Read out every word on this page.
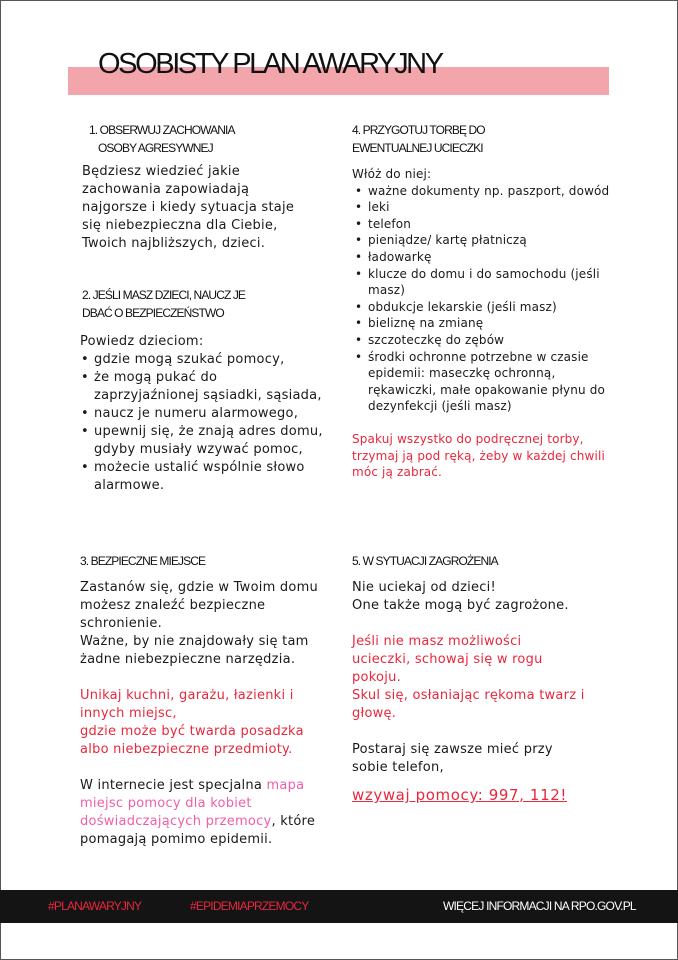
OSOBISTY PLAN AWARYJNY
1. OBSERWUJ ZACHOWANIA
OSOBY AGRESYWNEJ

Będziesz wiedzieć jakie zachowania zapowiadają najgorsze i kiedy sytuacja staje się niebezpieczna dla Ciebie, Twoich najbliższych, dzieci.

2. JEŚLI MASZ DZIECI, NAUCZ JE
DBAĆ O BEZPIECZEŃSTWO

Powiedz dzieciom:

• gdzie mogą szukać pomocy,
• że mogą pukać do zaprzyjaźnionej sąsiadki, sąsiada,
• naucz je numeru alarmowego,
• upewnij się, że znają adres domu, gdyby musiały wzywać pomoc,
• możecie ustalić wspólnie słowo alarmowe.
3. BEZPIECZNE MIEJSCE

Zastanów się, gdzie w Twoim domu możesz znaleźć bezpieczne schronienie.

Ważne, by nie znajdowały się tam żadne niebezpieczne narzędzia.

Unikaj kuchni, garażu, łazienki i innych miejsc,

gdzie może być twarda posadzka albo niebezpieczne przedmioty.

W internecie jest specjalna mapa miejsc pomocy dla kobiet doświadczających przemocy, które pomagają pomimo epidemii.

4. PRZYGOTUJ TORBĘ DO
EWENTUALNEJ UCIECZKI

Włóż do niej:

• ważne dokumenty np. paszport, dowód
• leki
• telefon
• pieniądze/ kartę płatniczą
• ładowarkę
• klucze do domu i do samochodu (jeśli masz)
• obdukcje lekarskie (jeśli masz)
• bieliznę na zmianę
• szczoteczkę do zębów
• środki ochronne potrzebne w czasie epidemii: maseczkę ochronną, rękawiczki, małe opakowanie płynu do dezynfekcji (jeśli masz)

Spakuj wszystko do podręcznej torby, trzymaj ją pod ręką, żeby w każdej chwili móc ją zabrać.

5. W SYTUACJI ZAGROŻENIA

Nie uciekaj od dzieci!

One także mogą być zagrożone.

Jeśli nie masz możliwości ucieczki, schowaj się w rogu pokoju.

Skul się, osłaniając rękoma twarz i głowę.

Postaraj się zawsze mieć przy sobie telefon,

wzywaj pomocy: 997, 112!
#PLANAWARYJNY	#EPIDEMIAPRZEMOCY	WIĘCEJ INFORMACJI NA RPO.GOV.PL
